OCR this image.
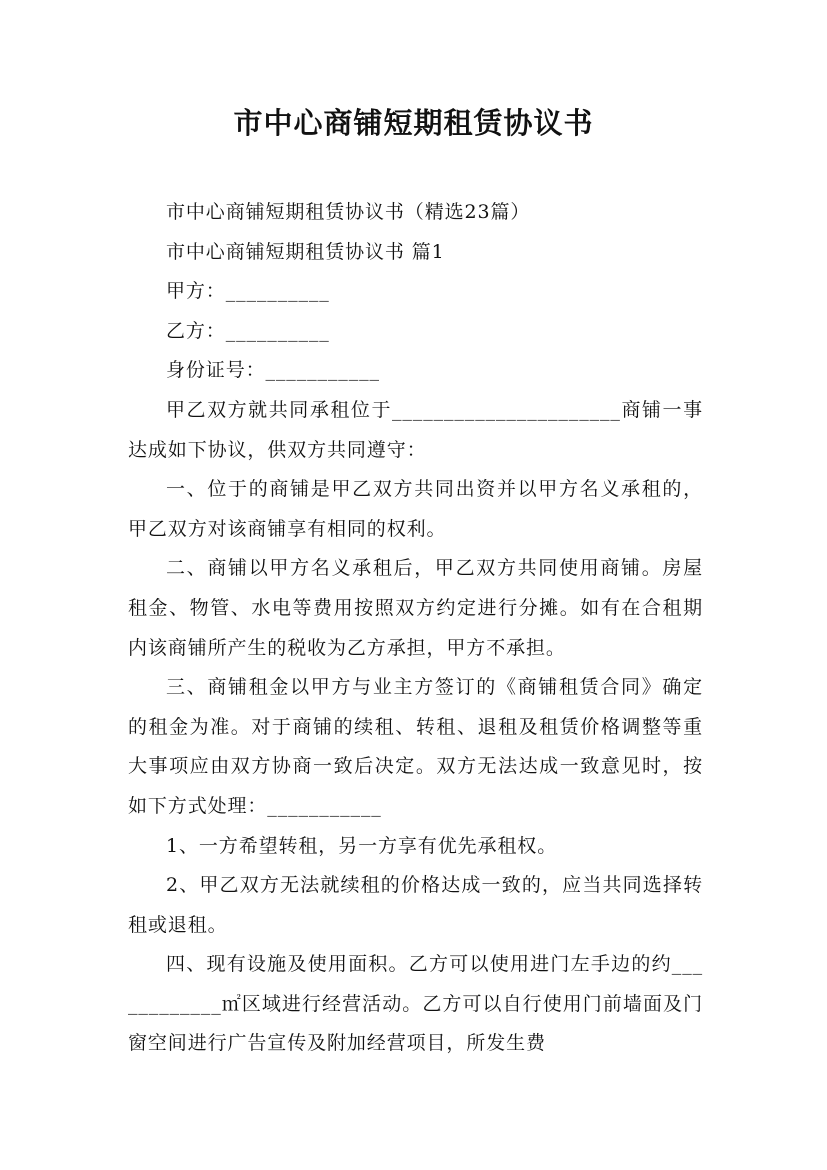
市中心商铺短期租赁协议书

市中心商铺短期租赁协议书（精选23篇）

市中心商铺短期租赁协议书 篇1

甲方：__________

乙方：__________

身份证号：___________

甲乙双方就共同承租位于______________________商铺一事达成如下协议，供双方共同遵守：

一、位于的商铺是甲乙双方共同出资并以甲方名义承租的，甲乙双方对该商铺享有相同的权利。

二、商铺以甲方名义承租后，甲乙双方共同使用商铺。房屋租金、物管、水电等费用按照双方约定进行分摊。如有在合租期内该商铺所产生的税收为乙方承担，甲方不承担。

三、商铺租金以甲方与业主方签订的《商铺租赁合同》确定的租金为准。对于商铺的续租、转租、退租及租赁价格调整等重大事项应由双方协商一致后决定。双方无法达成一致意见时，按如下方式处理：___________

1、一方希望转租，另一方享有优先承租权。

2、甲乙双方无法就续租的价格达成一致的，应当共同选择转租或退租。

四、现有设施及使用面积。乙方可以使用进门左手边的约____________㎡区域进行经营活动。乙方可以自行使用门前墙面及门窗空间进行广告宣传及附加经营项目，所发生费
